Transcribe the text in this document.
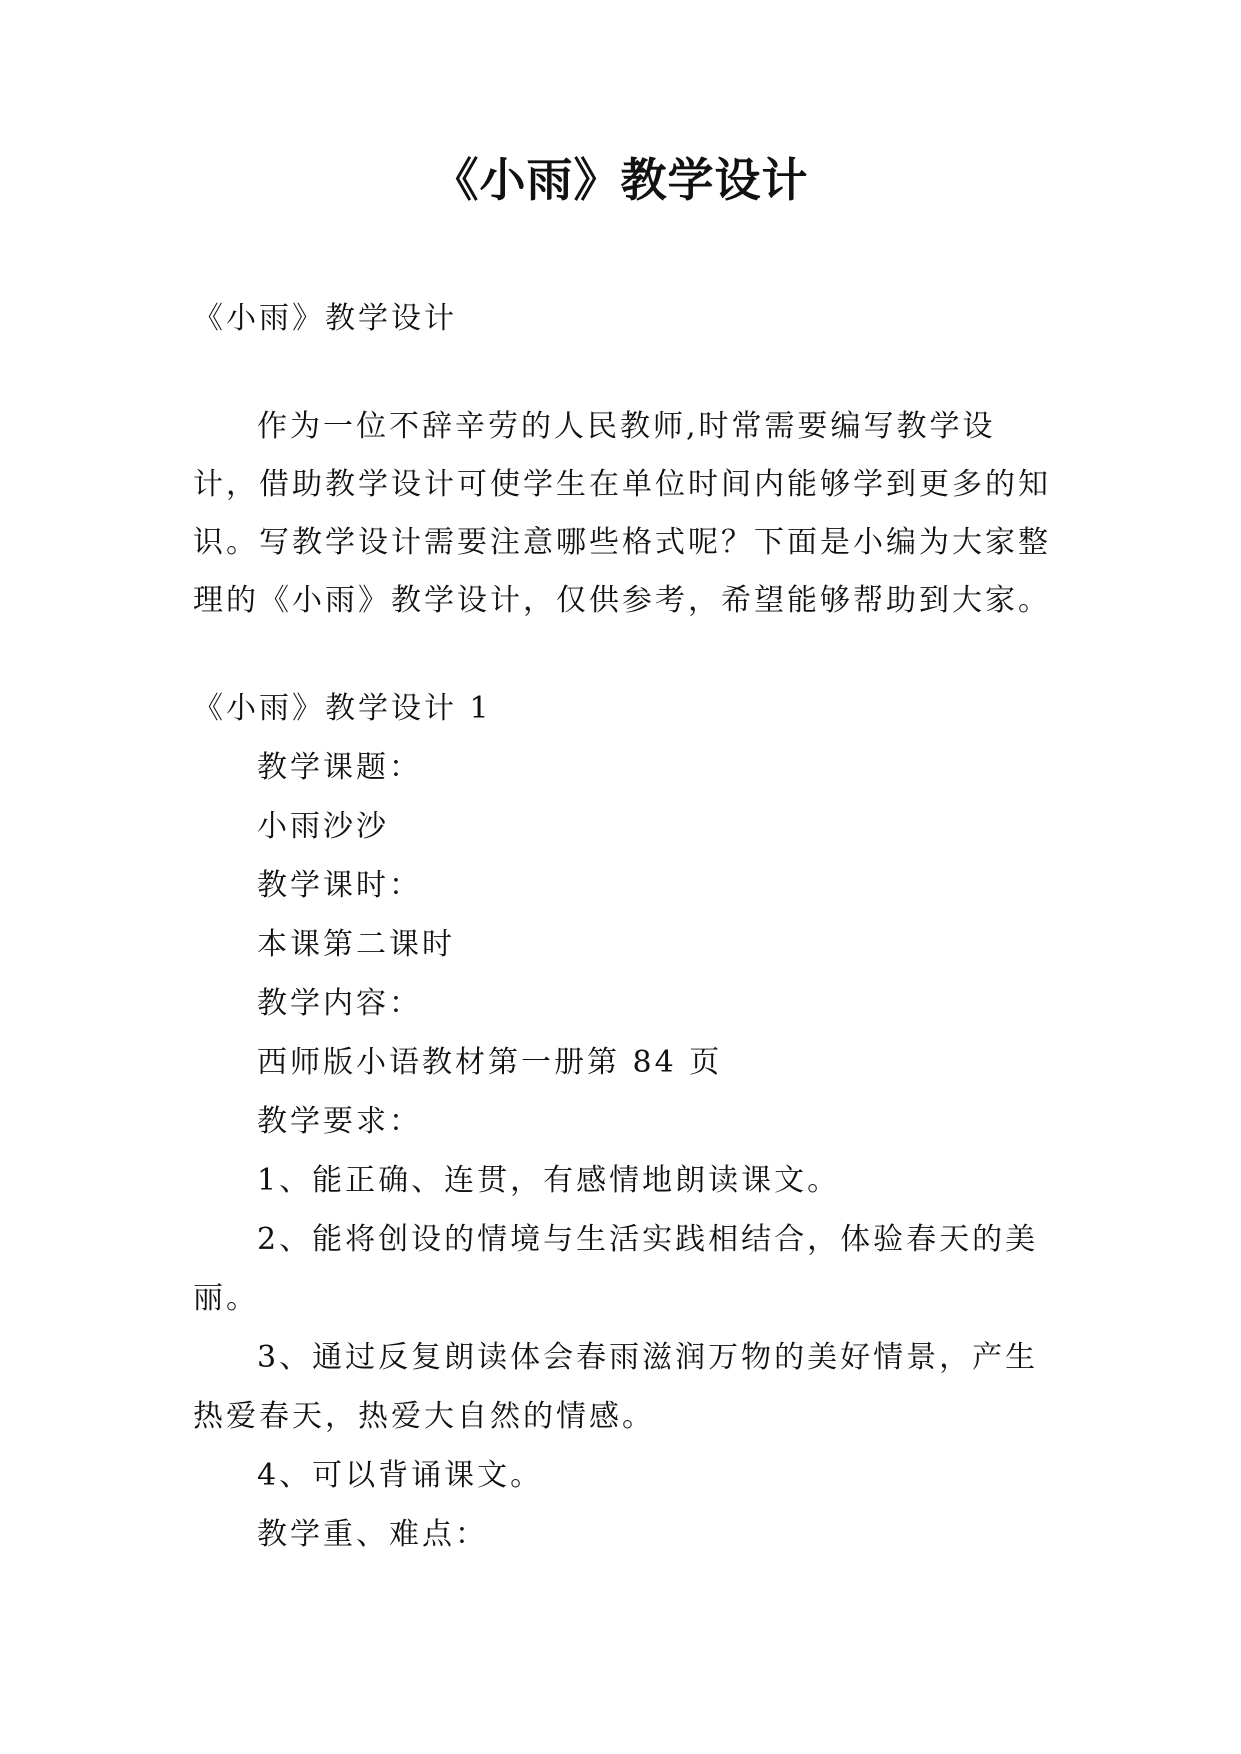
《小雨》教学设计

《小雨》教学设计

作为一位不辞辛劳的人民教师,时常需要编写教学设计，借助教学设计可使学生在单位时间内能够学到更多的知识。写教学设计需要注意哪些格式呢？下面是小编为大家整理的《小雨》教学设计，仅供参考，希望能够帮助到大家。

《小雨》教学设计 1

教学课题：

小雨沙沙

教学课时：

本课第二课时

教学内容：

西师版小语教材第一册第 84 页

教学要求：

1、能正确、连贯，有感情地朗读课文。

2、能将创设的情境与生活实践相结合，体验春天的美丽。

3、通过反复朗读体会春雨滋润万物的美好情景，产生热爱春天，热爱大自然的情感。

4、可以背诵课文。

教学重、难点：
